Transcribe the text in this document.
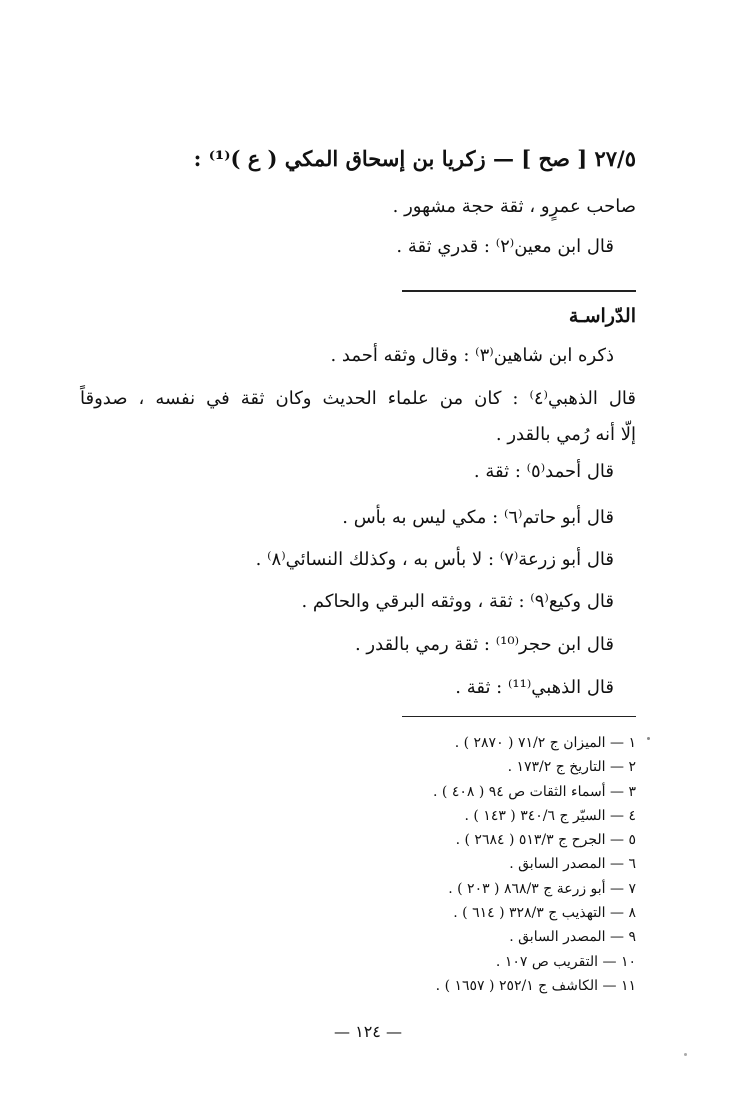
٢٧/٥ [ صح ] — زكريا بن إسحاق المكي ( ع )⁽¹⁾ :
صاحب عمرٍو ، ثقة حجة مشهور .
قال ابن معين⁽٢⁾ : قدري ثقة .
الدّراسـة
ذكره ابن شاهين⁽٣⁾ : وقال وثقه أحمد .
قال الذهبي⁽٤⁾ : كان من علماء الحديث وكان ثقة في نفسه ، صدوقاً
إلّا أنه رُمي بالقدر .
قال أحمد⁽٥⁾ : ثقة .
قال أبو حاتم⁽٦⁾ : مكي ليس به بأس .
قال أبو زرعة⁽٧⁾ : لا بأس به ، وكذلك النسائي⁽٨⁾ .
قال وكيع⁽٩⁾ : ثقة ، ووثقه البرقي والحاكم .
قال ابن حجر⁽¹⁰⁾ : ثقة رمي بالقدر .
قال الذهبي⁽¹¹⁾ : ثقة .
١ — الميزان ج ٧١/٢ ( ٢٨٧٠ ) .
٢ — التاريخ ج ١٧٣/٢ .
٣ — أسماء الثقات ص ٩٤ ( ٤٠٨ ) .
٤ — السيّر ج ٣٤٠/٦ ( ١٤٣ ) .
٥ — الجرح ج ٥١٣/٣ ( ٢٦٨٤ ) .
٦ — المصدر السابق .
٧ — أبو زرعة ج ٨٦٨/٣ ( ٢٠٣ ) .
٨ — التهذيب ج ٣٢٨/٣ ( ٦١٤ ) .
٩ — المصدر السابق .
١٠ — التقريب ص ١٠٧ .
١١ — الكاشف ج ٢٥٢/١ ( ١٦٥٧ ) .
— ١٢٤ —
